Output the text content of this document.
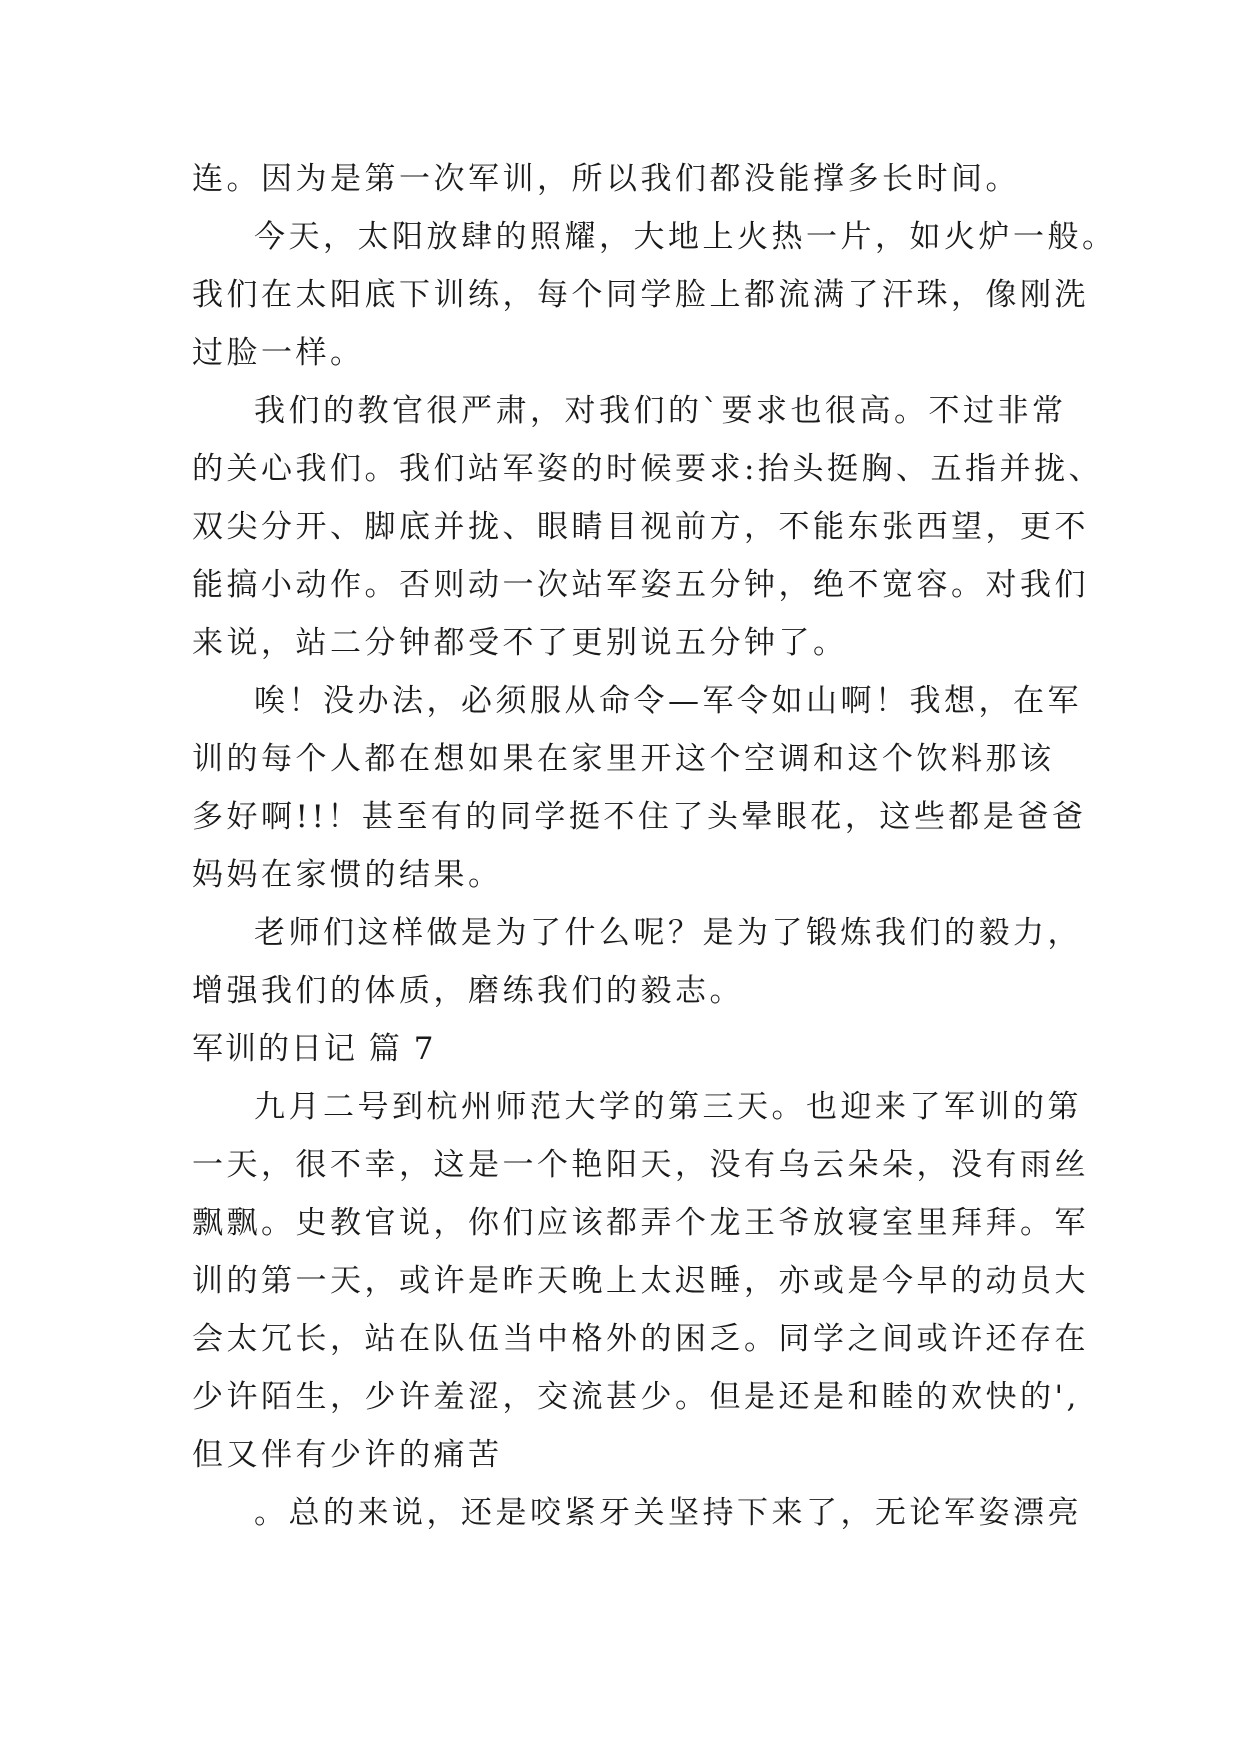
连。因为是第一次军训，所以我们都没能撑多长时间。
今天，太阳放肆的照耀，大地上火热一片，如火炉一般。
我们在太阳底下训练，每个同学脸上都流满了汗珠，像刚洗
过脸一样。
我们的教官很严肃，对我们的`要求也很高。不过非常
的关心我们。我们站军姿的时候要求:抬头挺胸、五指并拢、
双尖分开、脚底并拢、眼睛目视前方，不能东张西望，更不
能搞小动作。否则动一次站军姿五分钟，绝不宽容。对我们
来说，站二分钟都受不了更别说五分钟了。
唉！没办法，必须服从命令—军令如山啊！我想，在军
训的每个人都在想如果在家里开这个空调和这个饮料那该
多好啊!!！甚至有的同学挺不住了头晕眼花，这些都是爸爸
妈妈在家惯的结果。
老师们这样做是为了什么呢？是为了锻炼我们的毅力，
增强我们的体质，磨练我们的毅志。
军训的日记 篇 7
九月二号到杭州师范大学的第三天。也迎来了军训的第
一天，很不幸，这是一个艳阳天，没有乌云朵朵，没有雨丝
飘飘。史教官说，你们应该都弄个龙王爷放寝室里拜拜。军
训的第一天，或许是昨天晚上太迟睡，亦或是今早的动员大
会太冗长，站在队伍当中格外的困乏。同学之间或许还存在
少许陌生，少许羞涩，交流甚少。但是还是和睦的欢快的',
但又伴有少许的痛苦
。总的来说，还是咬紧牙关坚持下来了，无论军姿漂亮
